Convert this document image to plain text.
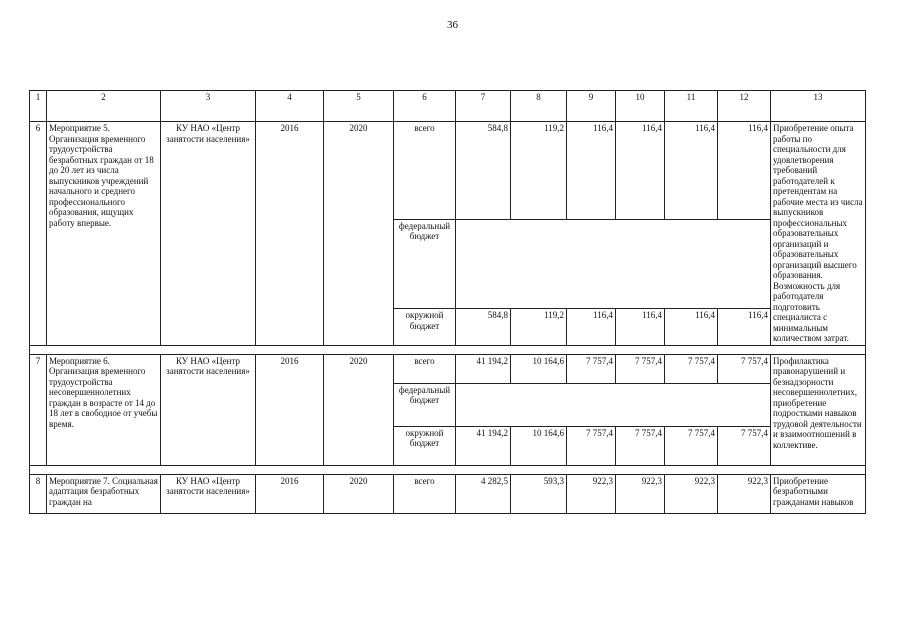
36
1	2	3	4	5	6	7	8	9	10	11	12	13
6	Мероприятие 5. Организация временного трудоустройства безработных граждан от 18 до 20 лет из числа выпускников учреждений начального и среднего профессионального образования, ищущих работу впервые.	КУ НАО «Центр занятости населения»	2016	2020	всего	584,8	119,2	116,4	116,4	116,4	116,4	Приобретение опыта работы по специальности для удовлетворения требований работодателей к претендентам на рабочие места из числа выпускников профессиональных образовательных организаций и образовательных организаций высшего образования. Возможность для работодателя подготовить специалиста с минимальным количеством затрат.
					федеральный бюджет							
					окружной бюджет	584,8	119,2	116,4	116,4	116,4	116,4	

7	Мероприятие 6. Организация временного трудоустройства несовершеннолетних граждан в возрасте от 14 до 18 лет в свободное от учебы время.	КУ НАО «Центр занятости населения»	2016	2020	всего	41 194,2	10 164,6	7 757,4	7 757,4	7 757,4	7 757,4	Профилактика правонарушений и безнадзорности несовершеннолетних, приобретение подростками навыков трудовой деятельности и взаимоотношений в коллективе.
					федеральный бюджет							
					окружной бюджет	41 194,2	10 164,6	7 757,4	7 757,4	7 757,4	7 757,4	

8	Мероприятие 7. Социальная адаптация безработных граждан на	КУ НАО «Центр занятости населения»	2016	2020	всего	4 282,5	593,3	922,3	922,3	922,3	922,3	Приобретение безработными гражданами навыков
